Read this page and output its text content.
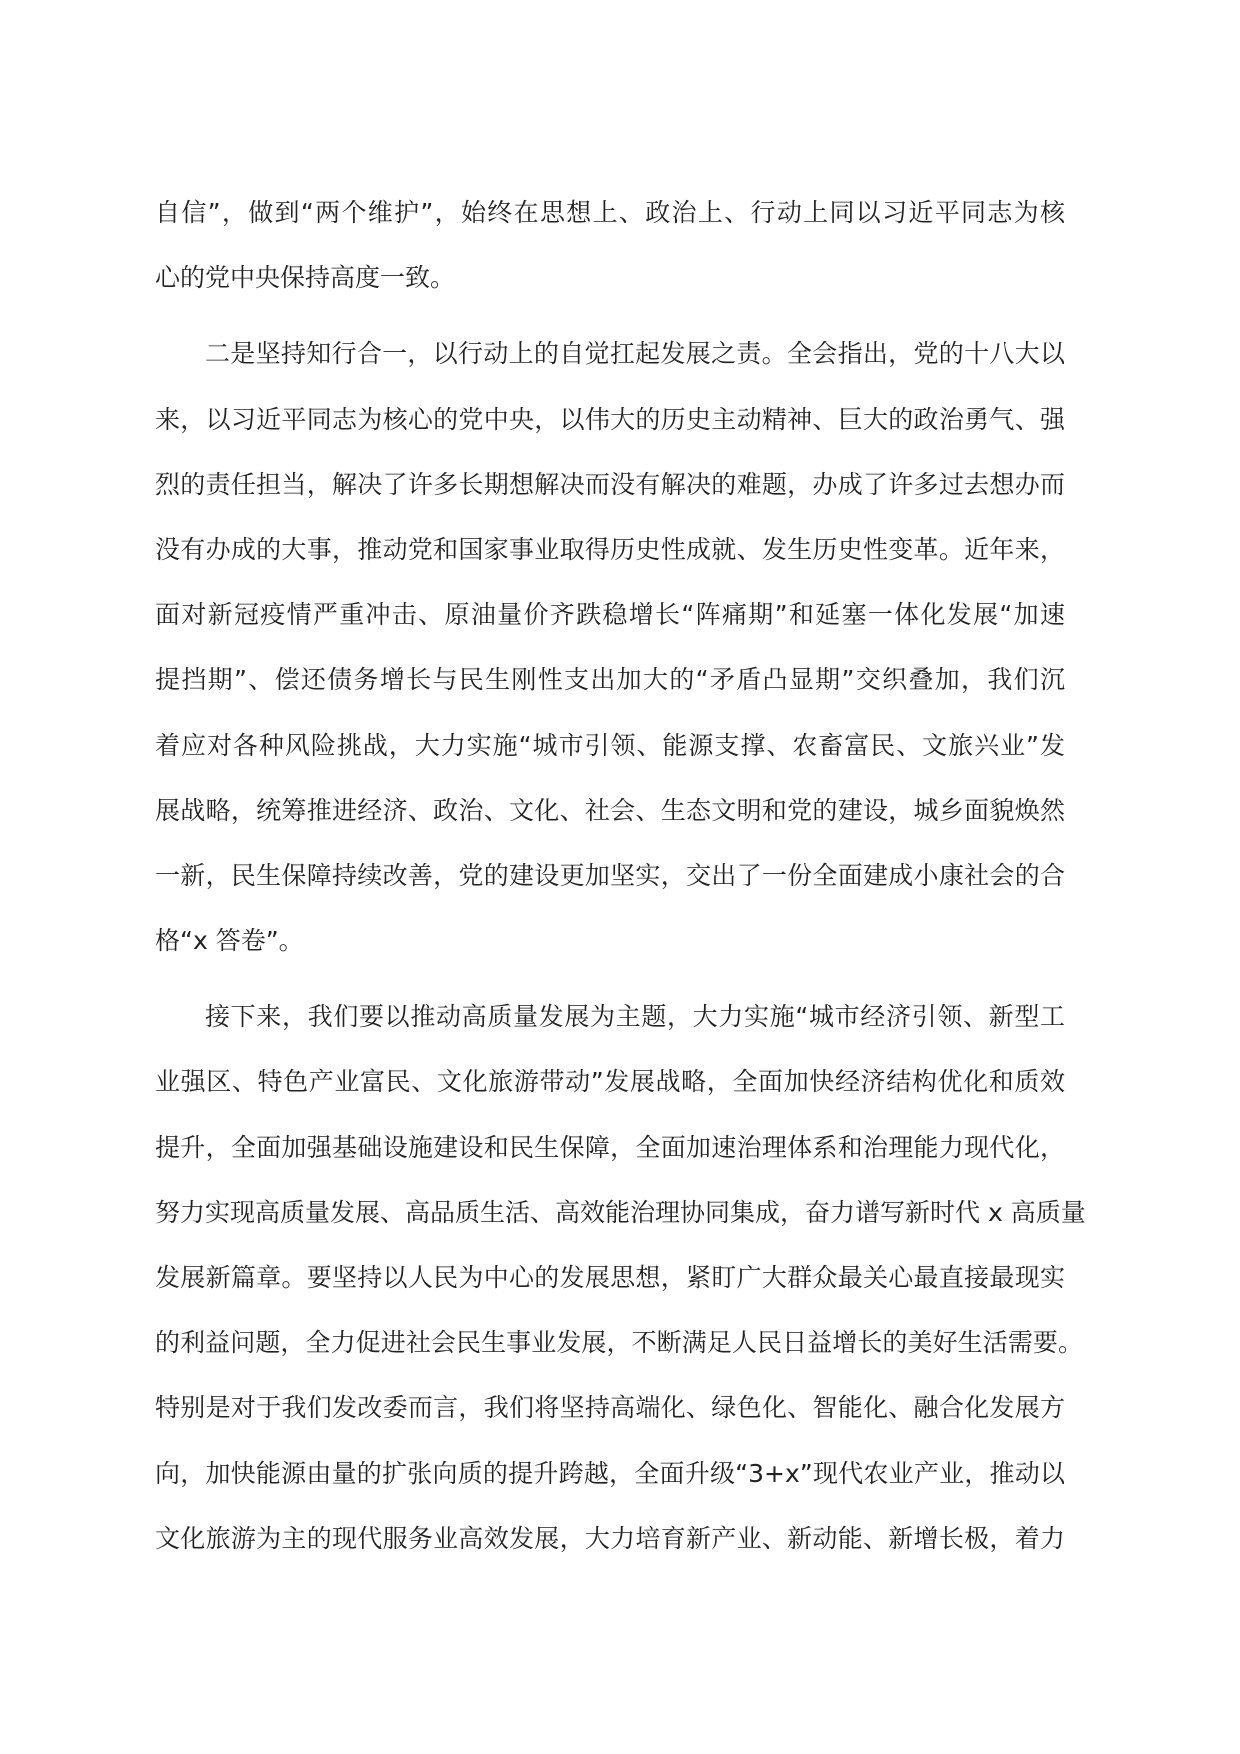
自信”，做到“两个维护”，始终在思想上、政治上、行动上同以习近平同志为核
心的党中央保持高度一致。
二是坚持知行合一，以行动上的自觉扛起发展之责。全会指出，党的十八大以
来，以习近平同志为核心的党中央，以伟大的历史主动精神、巨大的政治勇气、强
烈的责任担当，解决了许多长期想解决而没有解决的难题，办成了许多过去想办而
没有办成的大事，推动党和国家事业取得历史性成就、发生历史性变革。近年来，
面对新冠疫情严重冲击、原油量价齐跌稳增长“阵痛期”和延塞一体化发展“加速
提挡期”、偿还债务增长与民生刚性支出加大的“矛盾凸显期”交织叠加，我们沉
着应对各种风险挑战，大力实施“城市引领、能源支撑、农畜富民、文旅兴业”发
展战略，统筹推进经济、政治、文化、社会、生态文明和党的建设，城乡面貌焕然
一新，民生保障持续改善，党的建设更加坚实，交出了一份全面建成小康社会的合
格“x 答卷”。
接下来，我们要以推动高质量发展为主题，大力实施“城市经济引领、新型工
业强区、特色产业富民、文化旅游带动”发展战略，全面加快经济结构优化和质效
提升，全面加强基础设施建设和民生保障，全面加速治理体系和治理能力现代化，
努力实现高质量发展、高品质生活、高效能治理协同集成，奋力谱写新时代 x 高质量
发展新篇章。要坚持以人民为中心的发展思想，紧盯广大群众最关心最直接最现实
的利益问题，全力促进社会民生事业发展，不断满足人民日益增长的美好生活需要。
特别是对于我们发改委而言，我们将坚持高端化、绿色化、智能化、融合化发展方
向，加快能源由量的扩张向质的提升跨越，全面升级“3+x”现代农业产业，推动以
文化旅游为主的现代服务业高效发展，大力培育新产业、新动能、新增长极，着力
